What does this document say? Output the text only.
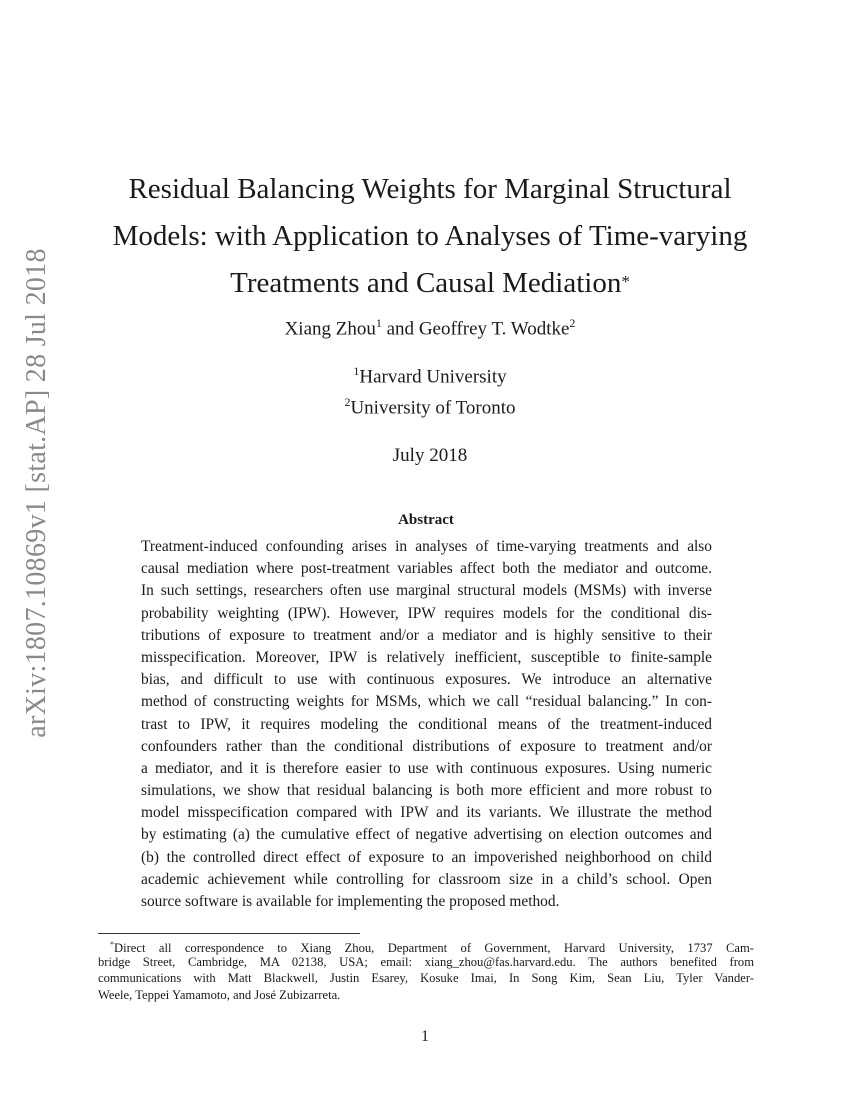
arXiv:1807.10869v1 [stat.AP] 28 Jul 2018
Residual Balancing Weights for Marginal Structural
Models: with Application to Analyses of Time-varying
Treatments and Causal Mediation*
Xiang Zhou$^1$ and Geoffrey T. Wodtke$^2$
$^1$Harvard University
$^2$University of Toronto
July 2018
Abstract
Treatment-induced confounding arises in analyses of time-varying treatments and also
causal mediation where post-treatment variables affect both the mediator and outcome.
In such settings, researchers often use marginal structural models (MSMs) with inverse
probability weighting (IPW). However, IPW requires models for the conditional dis-
tributions of exposure to treatment and/or a mediator and is highly sensitive to their
misspecification. Moreover, IPW is relatively inefficient, susceptible to finite-sample
bias, and difficult to use with continuous exposures. We introduce an alternative
method of constructing weights for MSMs, which we call “residual balancing.” In con-
trast to IPW, it requires modeling the conditional means of the treatment-induced
confounders rather than the conditional distributions of exposure to treatment and/or
a mediator, and it is therefore easier to use with continuous exposures. Using numeric
simulations, we show that residual balancing is both more efficient and more robust to
model misspecification compared with IPW and its variants. We illustrate the method
by estimating (a) the cumulative effect of negative advertising on election outcomes and
(b) the controlled direct effect of exposure to an impoverished neighborhood on child
academic achievement while controlling for classroom size in a child’s school. Open
source software is available for implementing the proposed method.
*Direct all correspondence to Xiang Zhou, Department of Government, Harvard University, 1737 Cam-
bridge Street, Cambridge, MA 02138, USA; email: xiang_zhou@fas.harvard.edu. The authors benefited from
communications with Matt Blackwell, Justin Esarey, Kosuke Imai, In Song Kim, Sean Liu, Tyler Vander-
Weele, Teppei Yamamoto, and José Zubizarreta.
1
